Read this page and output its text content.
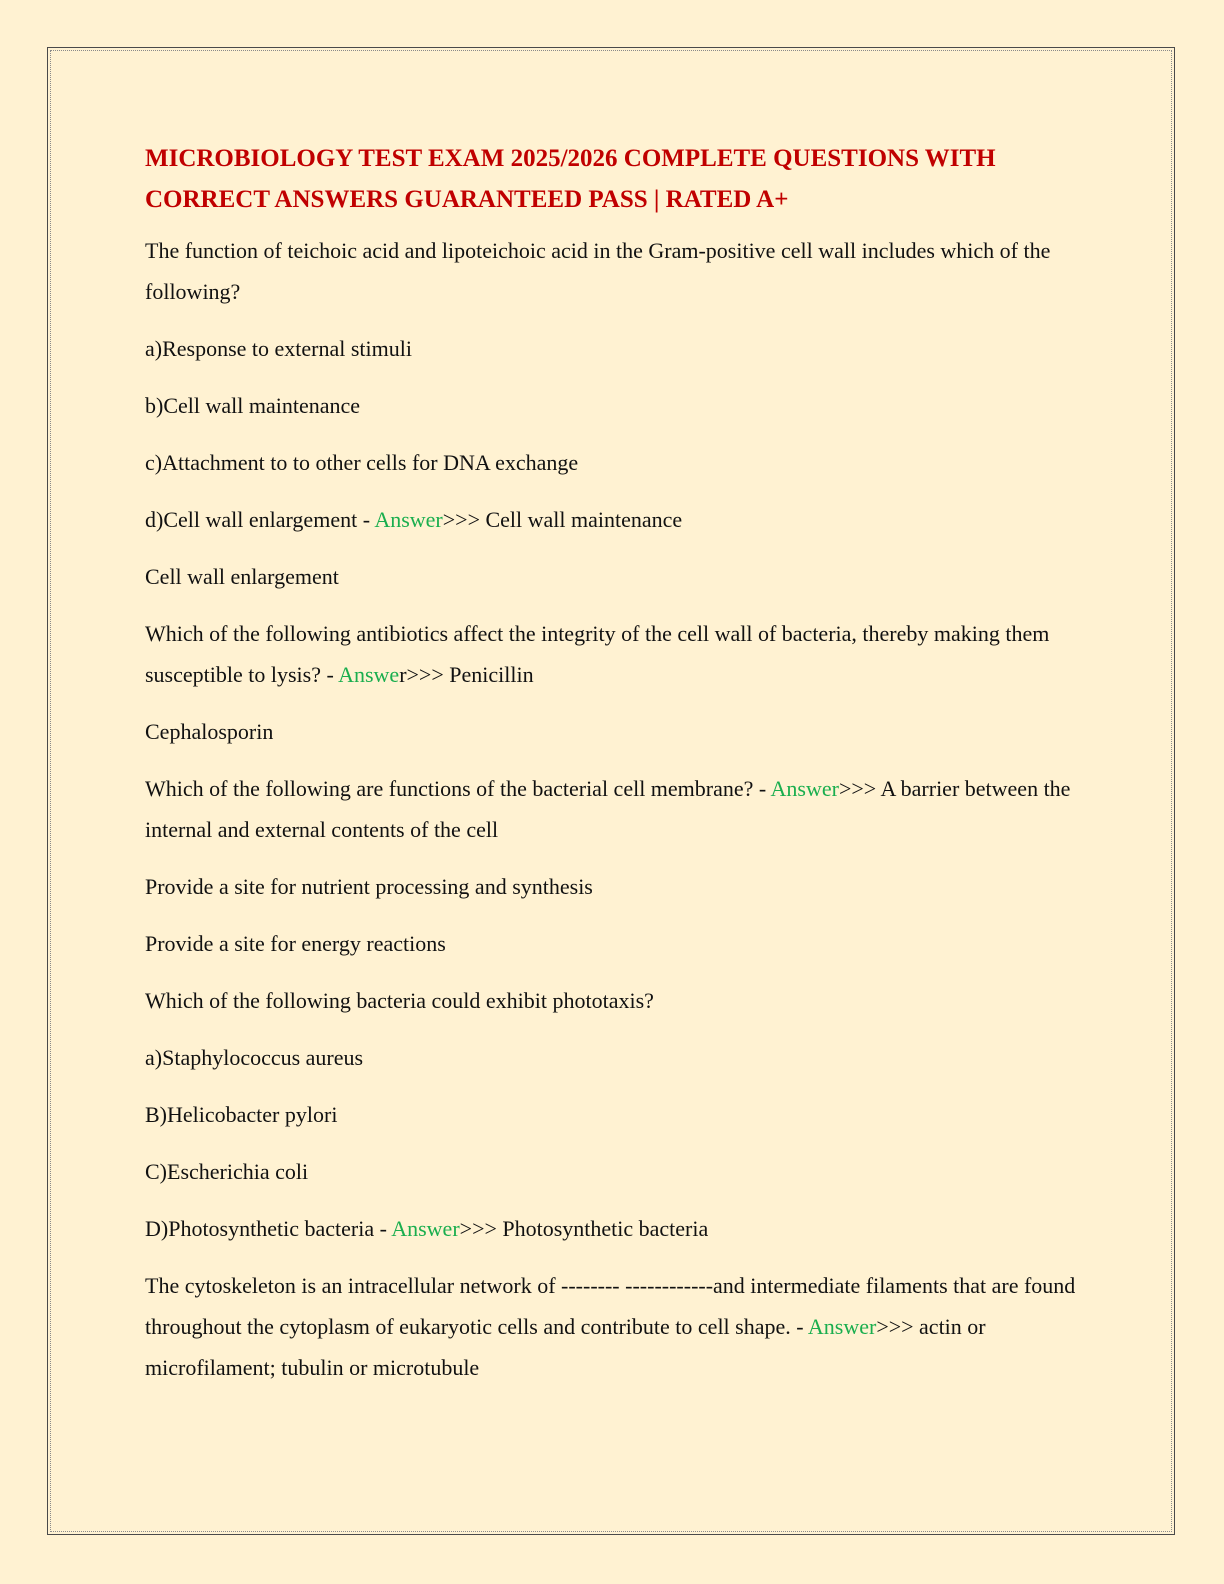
MICROBIOLOGY TEST EXAM 2025/2026 COMPLETE QUESTIONS WITH CORRECT ANSWERS GUARANTEED PASS | RATED A+

The function of teichoic acid and lipoteichoic acid in the Gram-positive cell wall includes which of the following?

a)Response to external stimuli

b)Cell wall maintenance

c)Attachment to to other cells for DNA exchange

d)Cell wall enlargement - Answer>>> Cell wall maintenance

Cell wall enlargement

Which of the following antibiotics affect the integrity of the cell wall of bacteria, thereby making them susceptible to lysis? - Answer>>> Penicillin

Cephalosporin

Which of the following are functions of the bacterial cell membrane? - Answer>>> A barrier between the internal and external contents of the cell

Provide a site for nutrient processing and synthesis

Provide a site for energy reactions

Which of the following bacteria could exhibit phototaxis?

a)Staphylococcus aureus

B)Helicobacter pylori

C)Escherichia coli

D)Photosynthetic bacteria - Answer>>> Photosynthetic bacteria

The cytoskeleton is an intracellular network of -------- ------------and intermediate filaments that are found throughout the cytoplasm of eukaryotic cells and contribute to cell shape. - Answer>>> actin or microfilament; tubulin or microtubule
